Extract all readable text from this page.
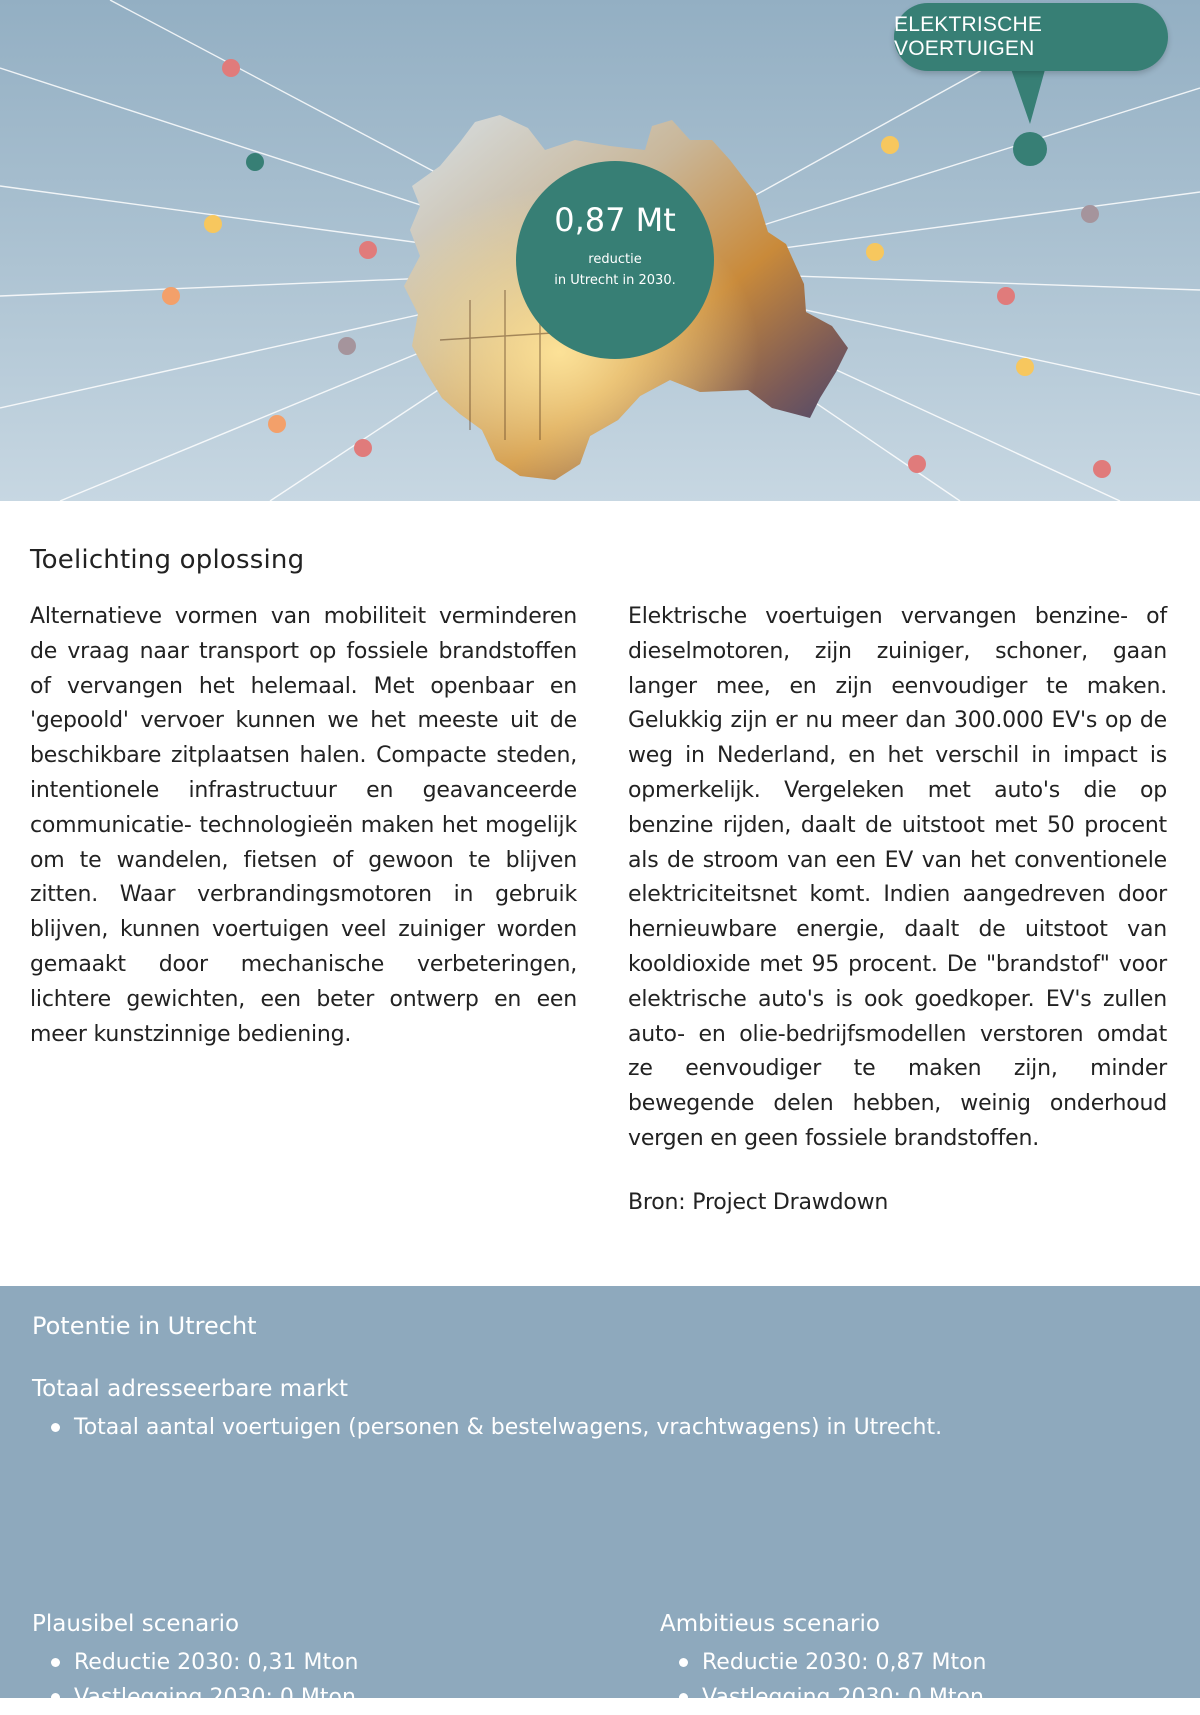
0,87 Mt
reductie
in Utrecht in 2030.
ELEKTRISCHE VOERTUIGEN
Toelichting oplossing

Alternatieve vormen van mobiliteit verminderen de vraag naar transport op fossiele brandstoffen of vervangen het helemaal. Met openbaar en 'gepoold' vervoer kunnen we het meeste uit de beschikbare zitplaatsen halen. Compacte steden, intentionele infrastructuur en geavanceerde communicatie- technologieën maken het mogelijk om te wandelen, fietsen of gewoon te blijven zitten. Waar verbrandingsmotoren in gebruik blijven, kunnen voertuigen veel zuiniger worden gemaakt door mechanische verbeteringen, lichtere gewichten, een beter ontwerp en een meer kunstzinnige bediening.

Elektrische voertuigen vervangen benzine- of dieselmotoren, zijn zuiniger, schoner, gaan langer mee, en zijn eenvoudiger te maken. Gelukkig zijn er nu meer dan 300.000 EV's op de weg in Nederland, en het verschil in impact is opmerkelijk. Vergeleken met auto's die op benzine rijden, daalt de uitstoot met 50 procent als de stroom van een EV van het conventionele elektriciteitsnet komt. Indien aangedreven door hernieuwbare energie, daalt de uitstoot van kooldioxide met 95 procent. De "brandstof" voor elektrische auto's is ook goedkoper. EV's zullen auto- en olie-bedrijfsmodellen verstoren omdat ze eenvoudiger te maken zijn, minder bewegende delen hebben, weinig onderhoud vergen en geen fossiele brandstoffen.

Bron: Project Drawdown

Potentie in Utrecht
Totaal adresseerbare markt
Totaal aantal voertuigen (personen & bestelwagens, vrachtwagens) in Utrecht.
Plausibel scenario
Reductie 2030: 0,31 Mton
Vastlegging 2030: 0 Mton
Ambitieus scenario
Reductie 2030: 0,87 Mton
Vastlegging 2030: 0 Mton
